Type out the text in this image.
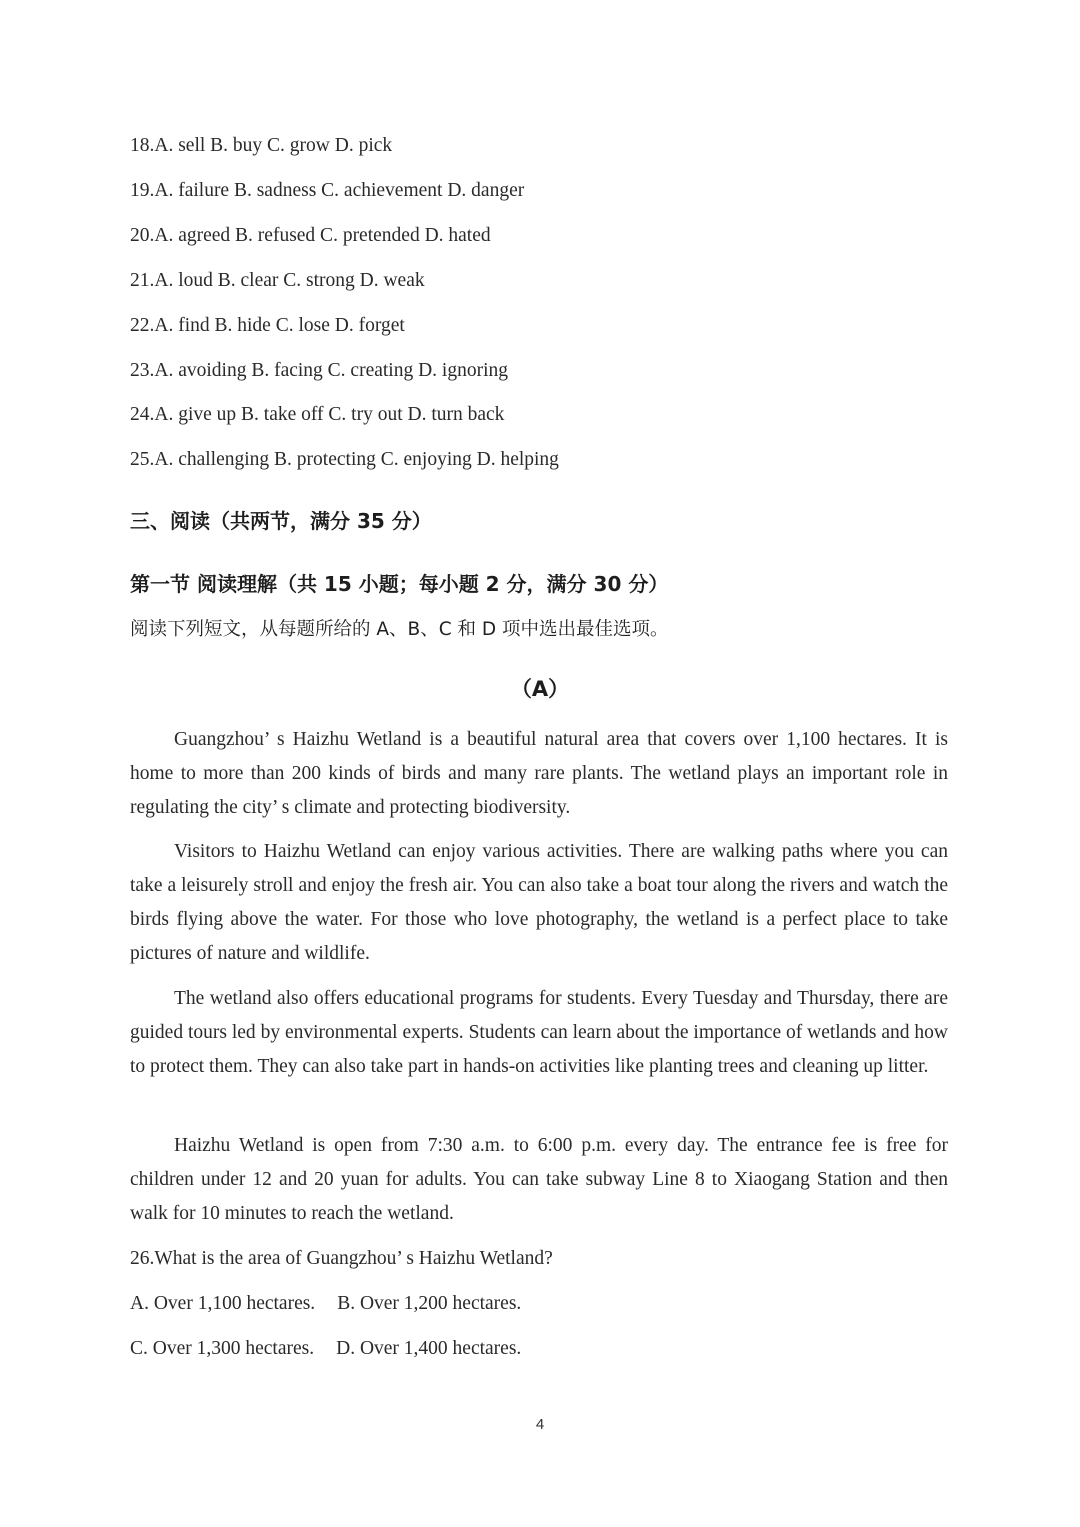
18.A. sell B. buy C. grow D. pick
19.A. failure B. sadness C. achievement D. danger
20.A. agreed B. refused C. pretended D. hated
21.A. loud B. clear C. strong D. weak
22.A. find B. hide C. lose D. forget
23.A. avoiding B. facing C. creating D. ignoring
24.A. give up B. take off C. try out D. turn back
25.A. challenging B. protecting C. enjoying D. helping
三、阅读（共两节，满分 35 分）
第一节 阅读理解（共 15 小题；每小题 2 分，满分 30 分）
阅读下列短文，从每题所给的 A、B、C 和 D 项中选出最佳选项。
（A）

Guangzhou’ s Haizhu Wetland is a beautiful natural area that covers over 1,100 hectares. It is home to more than 200 kinds of birds and many rare plants. The wetland plays an important role in regulating the city’ s climate and protecting biodiversity.

Visitors to Haizhu Wetland can enjoy various activities. There are walking paths where you can take a leisurely stroll and enjoy the fresh air. You can also take a boat tour along the rivers and watch the birds flying above the water. For those who love photography, the wetland is a perfect place to take pictures of nature and wildlife.

The wetland also offers educational programs for students. Every Tuesday and Thursday, there are guided tours led by environmental experts. Students can learn about the importance of wetlands and how to protect them. They can also take part in hands-on activities like planting trees and cleaning up litter.

Haizhu Wetland is open from 7:30 a.m. to 6:00 p.m. every day. The entrance fee is free for children under 12 and 20 yuan for adults. You can take subway Line 8 to Xiaogang Station and then walk for 10 minutes to reach the wetland.

26.What is the area of Guangzhou’ s Haizhu Wetland?
A. Over 1,100 hectares. B. Over 1,200 hectares.
C. Over 1,300 hectares. D. Over 1,400 hectares.
4
